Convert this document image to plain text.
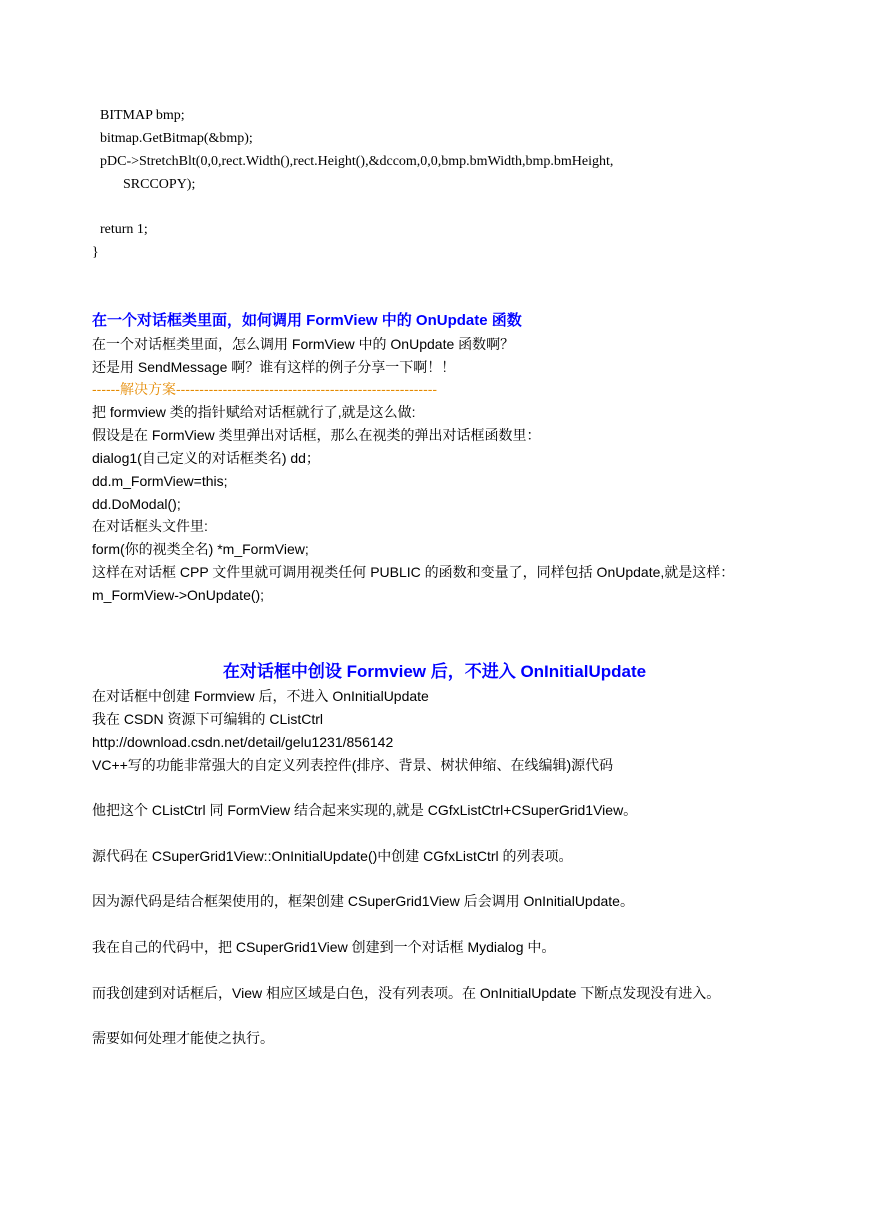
BITMAP bmp;
bitmap.GetBitmap(&bmp);
pDC->StretchBlt(0,0,rect.Width(),rect.Height(),&dccom,0,0,bmp.bmWidth,bmp.bmHeight,
SRCCOPY);
return 1;
}
在一个对话框类里面，如何调用 FormView 中的 OnUpdate 函数
在一个对话框类里面，怎么调用 FormView 中的 OnUpdate 函数啊？
还是用 SendMessage 啊？谁有这样的例子分享一下啊！！
------解决方案--------------------------------------------------------
把 formview 类的指针赋给对话框就行了,就是这么做:
假设是在 FormView 类里弹出对话框，那么在视类的弹出对话框函数里：
dialog1(自己定义的对话框类名) dd；
dd.m_FormView=this;
dd.DoModal();
在对话框头文件里:
form(你的视类全名) *m_FormView;
这样在对话框 CPP 文件里就可调用视类任何 PUBLIC 的函数和变量了，同样包括 OnUpdate,就是这样：
m_FormView->OnUpdate();
在对话框中创设 Formview 后，不进入 OnInitialUpdate
在对话框中创建 Formview 后，不进入 OnInitialUpdate
我在 CSDN 资源下可编辑的 CListCtrl
http://download.csdn.net/detail/gelu1231/856142
VC++写的功能非常强大的自定义列表控件(排序、背景、树状伸缩、在线编辑)源代码
他把这个 CListCtrl 同 FormView 结合起来实现的,就是 CGfxListCtrl+CSuperGrid1View。
源代码在 CSuperGrid1View::OnInitialUpdate()中创建 CGfxListCtrl 的列表项。
因为源代码是结合框架使用的，框架创建 CSuperGrid1View 后会调用 OnInitialUpdate。
我在自己的代码中，把 CSuperGrid1View 创建到一个对话框 Mydialog 中。
而我创建到对话框后，View 相应区域是白色，没有列表项。在 OnInitialUpdate 下断点发现没有进入。
需要如何处理才能使之执行。
